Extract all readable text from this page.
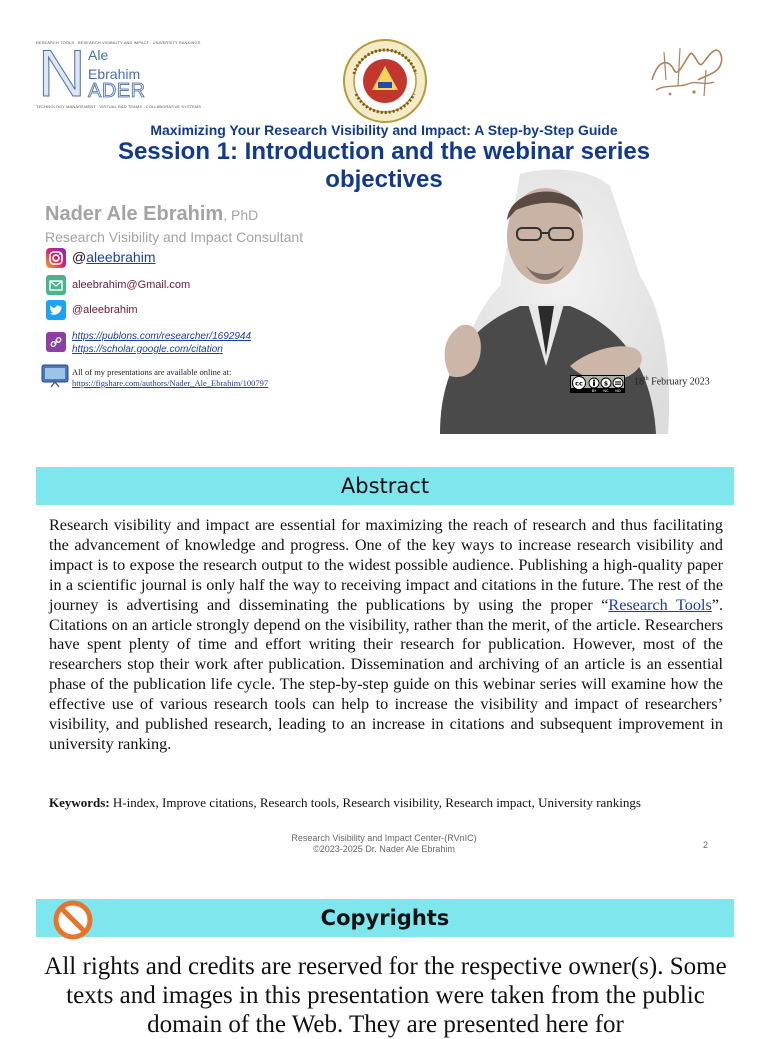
RESEARCH TOOLS . RESEARCH VISIBILITY AND IMPACT . UNIVERSITY RANKINGS
N Ale
Ebrahim
ADER
TECHNOLOGY MANAGEMENT . VIRTUAL R&D TEAMS . COLLABORATIVE SYSTEMS
Maximizing Your Research Visibility and Impact: A Step-by-Step Guide
Session 1: Introduction and the webinar series objectives
Nader Ale Ebrahim, PhD
Research Visibility and Impact Consultant
@aleebrahim
aleebrahim@Gmail.com
@aleebrahim
https://publons.com/researcher/1692944
https://scholar.google.com/citation
All of my presentations are available online at:
https://figshare.com/authors/Nader_Ale_Ebrahim/100797	cc	$
BY NC ND
18th February 2023
Abstract
Research visibility and impact are essential for maximizing the reach of research and thus facilitating the advancement of knowledge and progress. One of the key ways to increase research visibility and impact is to expose the research output to the widest possible audience. Publishing a high-quality paper in a scientific journal is only half the way to receiving impact and citations in the future. The rest of the journey is advertising and disseminating the publications by using the proper “Research Tools”. Citations on an article strongly depend on the visibility, rather than the merit, of the article. Researchers have spent plenty of time and effort writing their research for publication. However, most of the researchers stop their work after publication. Dissemination and archiving of an article is an essential phase of the publication life cycle. The step-by-step guide on this webinar series will examine how the effective use of various research tools can help to increase the visibility and impact of researchers’ visibility, and published research, leading to an increase in citations and subsequent improvement in university ranking.
Keywords: H-index, Improve citations, Research tools, Research visibility, Research impact, University rankings
Research Visibility and Impact Center-(RVnIC)
©2023-2025 Dr. Nader Ale Ebrahim	2
Copyrights
All rights and credits are reserved for the respective owner(s). Some texts and images in this presentation were taken from the public domain of the Web. They are presented here for
